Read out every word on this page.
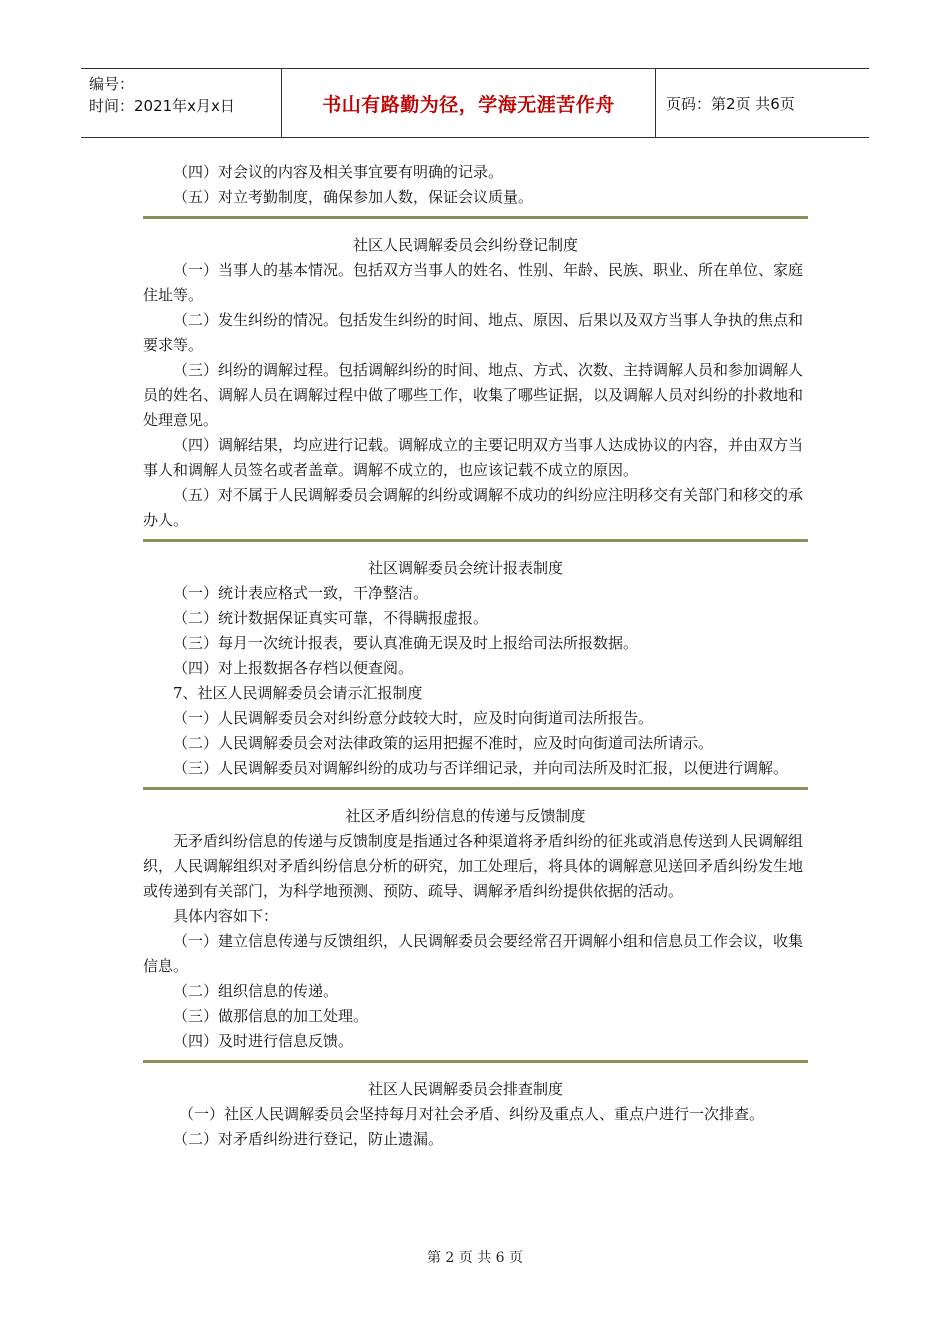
编号：
时间：2021年x月x日	书山有路勤为径，学海无涯苦作舟	页码：第2页 共6页

（四）对会议的内容及相关事宜要有明确的记录。

（五）对立考勤制度，确保参加人数，保证会议质量。

社区人民调解委员会纠纷登记制度

（一）当事人的基本情况。包括双方当事人的姓名、性别、年龄、民族、职业、所在单位、家庭住址等。

（二）发生纠纷的情况。包括发生纠纷的时间、地点、原因、后果以及双方当事人争执的焦点和要求等。

（三）纠纷的调解过程。包括调解纠纷的时间、地点、方式、次数、主持调解人员和参加调解人员的姓名、调解人员在调解过程中做了哪些工作，收集了哪些证据，以及调解人员对纠纷的扑救地和处理意见。

（四）调解结果，均应进行记载。调解成立的主要记明双方当事人达成协议的内容，并由双方当事人和调解人员签名或者盖章。调解不成立的，也应该记载不成立的原因。

（五）对不属于人民调解委员会调解的纠纷或调解不成功的纠纷应注明移交有关部门和移交的承办人。

社区调解委员会统计报表制度

（一）统计表应格式一致，干净整洁。

（二）统计数据保证真实可靠，不得瞒报虚报。

（三）每月一次统计报表，要认真准确无误及时上报给司法所报数据。

（四）对上报数据各存档以便查阅。

7、社区人民调解委员会请示汇报制度

（一）人民调解委员会对纠纷意分歧较大时，应及时向街道司法所报告。

（二）人民调解委员会对法律政策的运用把握不准时，应及时向街道司法所请示。

（三）人民调解委员对调解纠纷的成功与否详细记录，并向司法所及时汇报，以便进行调解。

社区矛盾纠纷信息的传递与反馈制度

无矛盾纠纷信息的传递与反馈制度是指通过各种渠道将矛盾纠纷的征兆或消息传送到人民调解组织，人民调解组织对矛盾纠纷信息分析的研究，加工处理后，将具体的调解意见送回矛盾纠纷发生地或传递到有关部门，为科学地预测、预防、疏导、调解矛盾纠纷提供依据的活动。

具体内容如下：

（一）建立信息传递与反馈组织，人民调解委员会要经常召开调解小组和信息员工作会议，收集信息。

（二）组织信息的传递。

（三）做那信息的加工处理。

（四）及时进行信息反馈。

社区人民调解委员会排查制度

（一）社区人民调解委员会坚持每月对社会矛盾、纠纷及重点人、重点户进行一次排查。

（二）对矛盾纠纷进行登记，防止遗漏。

第 2 页 共 6 页
